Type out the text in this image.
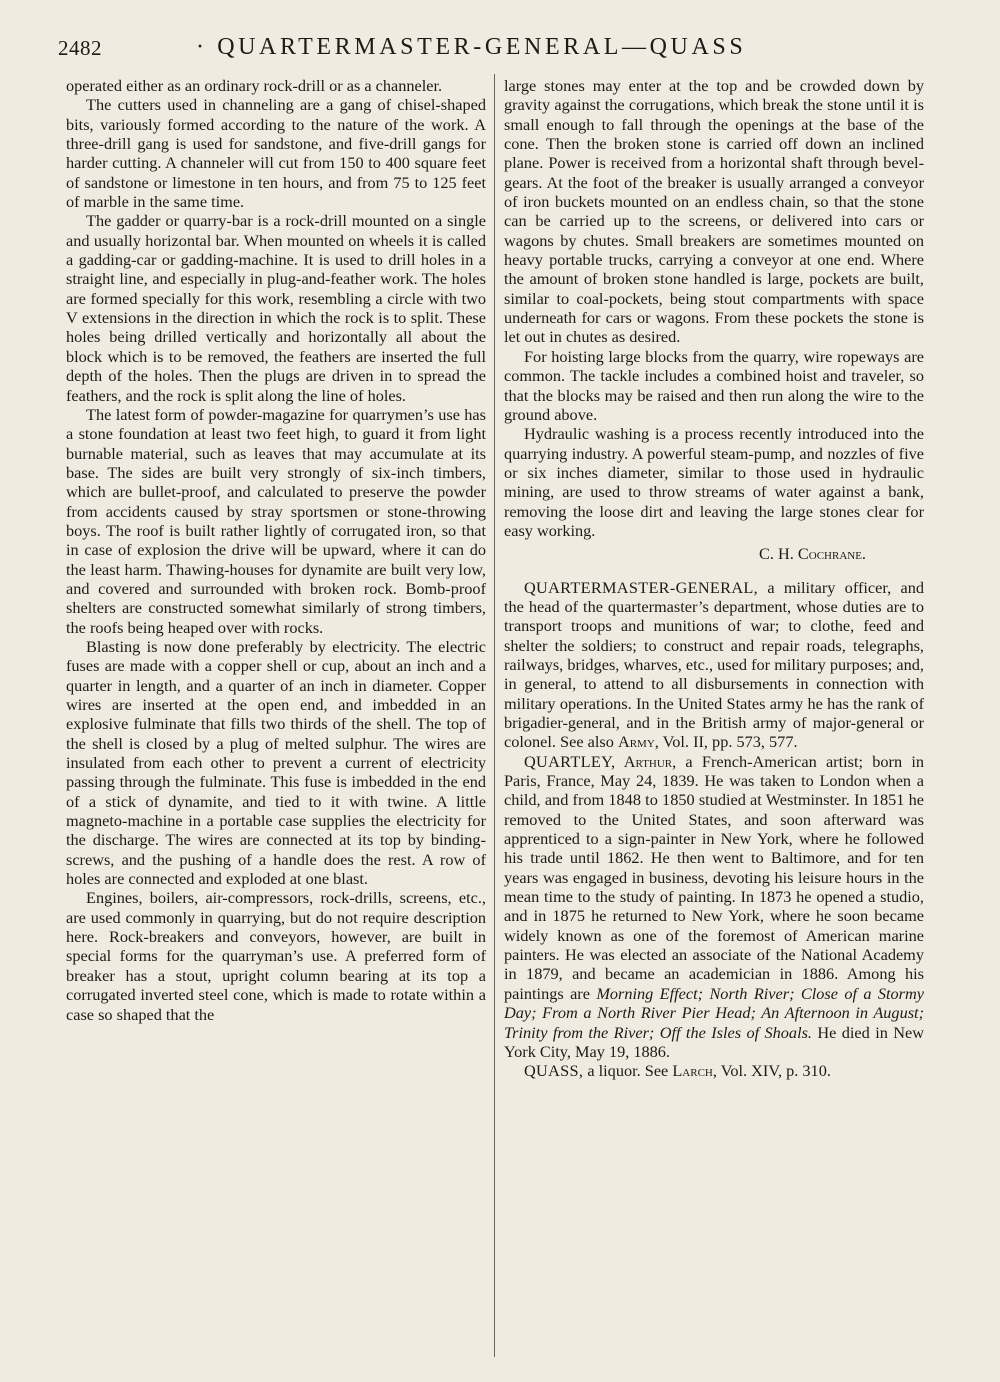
2482	· QUARTERMASTER-GENERAL—QUASS

operated either as an ordinary rock-drill or as a channeler.

The cutters used in channeling are a gang of chisel-shaped bits, variously formed according to the nature of the work. A three-drill gang is used for sandstone, and five-drill gangs for harder cutting. A channeler will cut from 150 to 400 square feet of sandstone or limestone in ten hours, and from 75 to 125 feet of marble in the same time.

The gadder or quarry-bar is a rock-drill mounted on a single and usually horizontal bar. When mounted on wheels it is called a gadding-car or gadding-machine. It is used to drill holes in a straight line, and especially in plug-and-feather work. The holes are formed specially for this work, resembling a circle with two V extensions in the direction in which the rock is to split. These holes being drilled vertically and horizontally all about the block which is to be removed, the feathers are inserted the full depth of the holes. Then the plugs are driven in to spread the feathers, and the rock is split along the line of holes.

The latest form of powder-magazine for quarrymen’s use has a stone foundation at least two feet high, to guard it from light burnable material, such as leaves that may accumulate at its base. The sides are built very strongly of six-inch timbers, which are bullet-proof, and calculated to preserve the powder from accidents caused by stray sportsmen or stone-throwing boys. The roof is built rather lightly of corrugated iron, so that in case of explosion the drive will be upward, where it can do the least harm. Thawing-houses for dynamite are built very low, and covered and surrounded with broken rock. Bomb-proof shelters are constructed somewhat similarly of strong timbers, the roofs being heaped over with rocks.

Blasting is now done preferably by electricity. The electric fuses are made with a copper shell or cup, about an inch and a quarter in length, and a quarter of an inch in diameter. Copper wires are inserted at the open end, and imbedded in an explosive fulminate that fills two thirds of the shell. The top of the shell is closed by a plug of melted sulphur. The wires are insulated from each other to prevent a current of electricity passing through the fulminate. This fuse is imbedded in the end of a stick of dynamite, and tied to it with twine. A little magneto-machine in a portable case supplies the electricity for the discharge. The wires are connected at its top by binding-screws, and the pushing of a handle does the rest. A row of holes are connected and exploded at one blast.

Engines, boilers, air-compressors, rock-drills, screens, etc., are used commonly in quarrying, but do not require description here. Rock-breakers and conveyors, however, are built in special forms for the quarryman’s use. A preferred form of breaker has a stout, upright column bearing at its top a corrugated inverted steel cone, which is made to rotate within a case so shaped that the

large stones may enter at the top and be crowded down by gravity against the corrugations, which break the stone until it is small enough to fall through the openings at the base of the cone. Then the broken stone is carried off down an inclined plane. Power is received from a horizontal shaft through bevel-gears. At the foot of the breaker is usually arranged a conveyor of iron buckets mounted on an endless chain, so that the stone can be carried up to the screens, or delivered into cars or wagons by chutes. Small breakers are sometimes mounted on heavy portable trucks, carrying a conveyor at one end. Where the amount of broken stone handled is large, pockets are built, similar to coal-pockets, being stout compartments with space underneath for cars or wagons. From these pockets the stone is let out in chutes as desired.

For hoisting large blocks from the quarry, wire ropeways are common. The tackle includes a combined hoist and traveler, so that the blocks may be raised and then run along the wire to the ground above.

Hydraulic washing is a process recently introduced into the quarrying industry. A powerful steam-pump, and nozzles of five or six inches diameter, similar to those used in hydraulic mining, are used to throw streams of water against a bank, removing the loose dirt and leaving the large stones clear for easy working.

C. H. Cochrane.

QUARTERMASTER-GENERAL, a military officer, and the head of the quartermaster’s department, whose duties are to transport troops and munitions of war; to clothe, feed and shelter the soldiers; to construct and repair roads, telegraphs, railways, bridges, wharves, etc., used for military purposes; and, in general, to attend to all disbursements in connection with military operations. In the United States army he has the rank of brigadier-general, and in the British army of major-general or colonel. See also Army, Vol. II, pp. 573, 577.

QUARTLEY, Arthur, a French-American artist; born in Paris, France, May 24, 1839. He was taken to London when a child, and from 1848 to 1850 studied at Westminster. In 1851 he removed to the United States, and soon afterward was apprenticed to a sign-painter in New York, where he followed his trade until 1862. He then went to Baltimore, and for ten years was engaged in business, devoting his leisure hours in the mean time to the study of painting. In 1873 he opened a studio, and in 1875 he returned to New York, where he soon became widely known as one of the foremost of American marine painters. He was elected an associate of the National Academy in 1879, and became an academician in 1886. Among his paintings are Morning Effect; North River; Close of a Stormy Day; From a North River Pier Head; An Afternoon in August; Trinity from the River; Off the Isles of Shoals. He died in New York City, May 19, 1886.

QUASS, a liquor. See Larch, Vol. XIV, p. 310.
